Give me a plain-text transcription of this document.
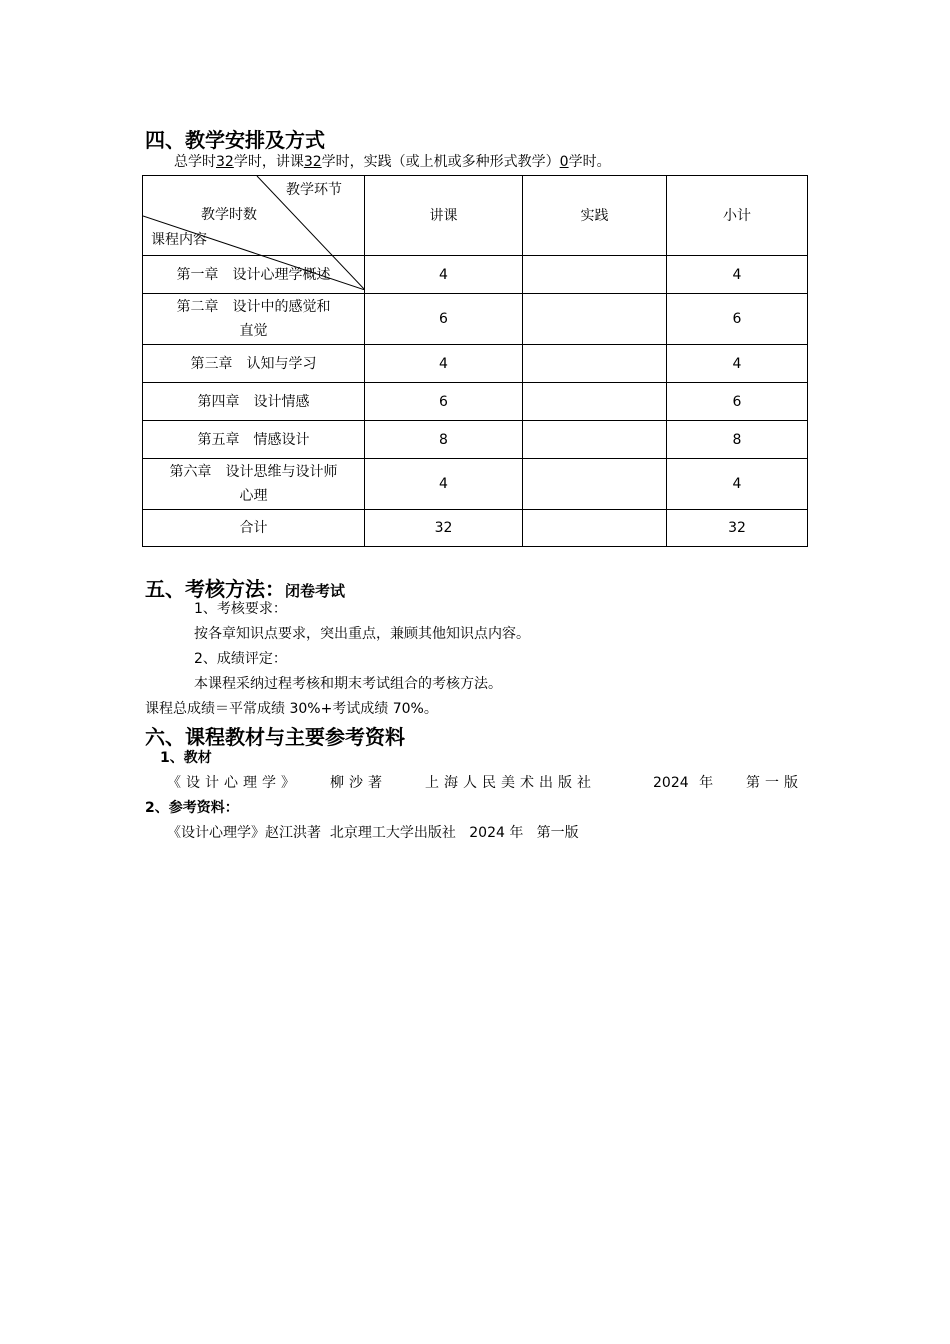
四、教学安排及方式
总学时32学时，讲课32学时，实践（或上机或多种形式教学）0学时。
教学环节
教学时数
课程内容	讲课	实践	小计

第一章　设计心理学概述	4		4

第二章　设计中的感觉和
直觉	6		6

第三章　认知与学习	4		4

第四章　设计情感	6		6

第五章　情感设计	8		8

第六章　设计思维与设计师
心理	4		4
合计	32		32
五、考核方法：闭卷考试
1、考核要求：
按各章知识点要求，突出重点，兼顾其他知识点内容。
2、成绩评定：
本课程采纳过程考核和期末考试组合的考核方法。
课程总成绩＝平常成绩 30%+考试成绩 70%。
六、课程教材与主要参考资料
1、教材
《设计心理学》 柳沙著	上海人民美术出版社	2024 年 第一版
2、参考资料：
《设计心理学》赵江洪著  北京理工大学出版社   2024 年   第一版
